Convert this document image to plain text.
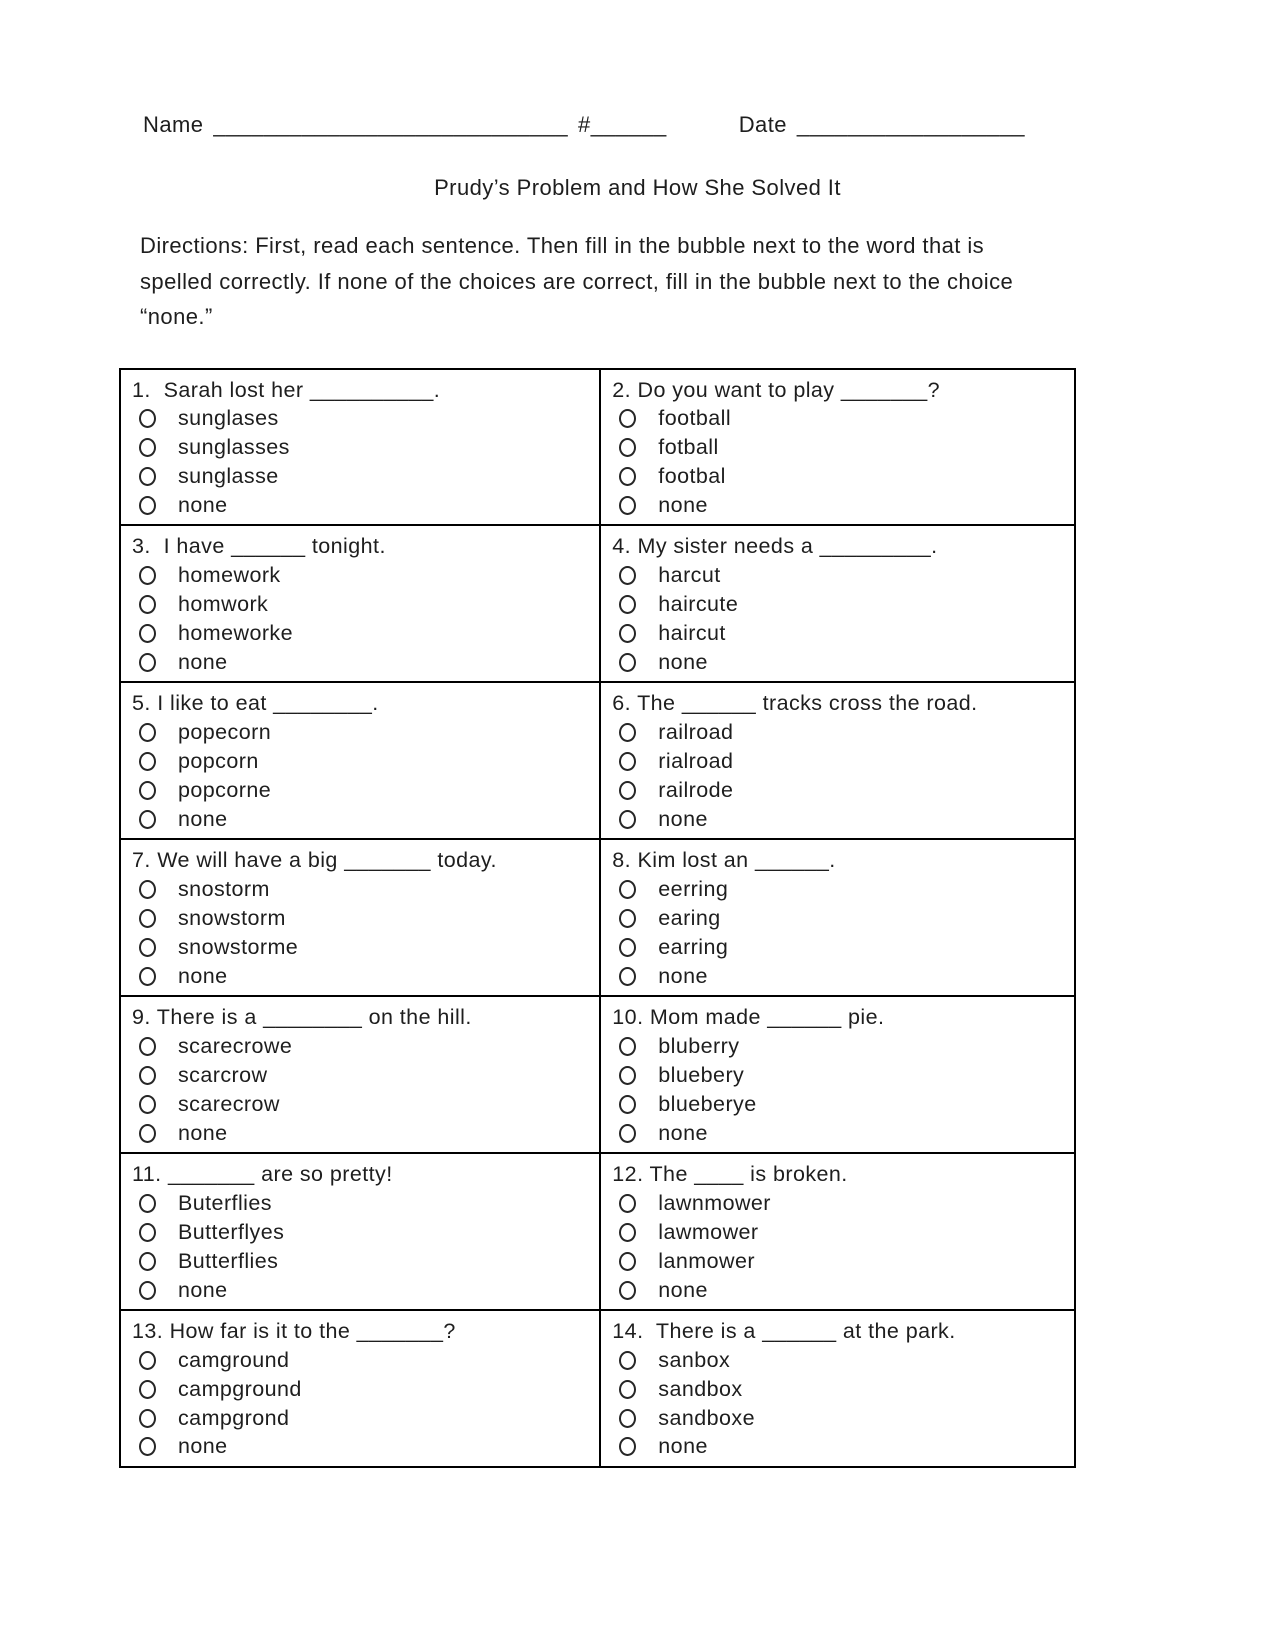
Name ____________________________ #______	Date __________________
Prudy’s Problem and How She Solved It
Directions: First, read each sentence. Then fill in the bubble next to the word that is
spelled correctly. If none of the choices are correct, fill in the bubble next to the choice
“none.”
1.  Sarah lost her __________.
sunglases
sunglasses
sunglasse
none
2. Do you want to play _______?
football
fotball
footbal
none
3.  I have ______ tonight.
homework
homwork
homeworke
none
4. My sister needs a _________.
harcut
haircute
haircut
none
5. I like to eat ________.
popecorn
popcorn
popcorne
none
6. The ______ tracks cross the road.
railroad
rialroad
railrode
none
7. We will have a big _______ today.
snostorm
snowstorm
snowstorme
none
8. Kim lost an ______.
eerring
earing
earring
none
9. There is a ________ on the hill.
scarecrowe
scarcrow
scarecrow
none
10. Mom made ______ pie.
bluberry
bluebery
blueberye
none
11. _______ are so pretty!
Buterflies
Butterflyes
Butterflies
none
12. The ____ is broken.
lawnmower
lawmower
lanmower
none
13. How far is it to the _______?
camground
campground
campgrond
none
14.  There is a ______ at the park.
sanbox
sandbox
sandboxe
none
